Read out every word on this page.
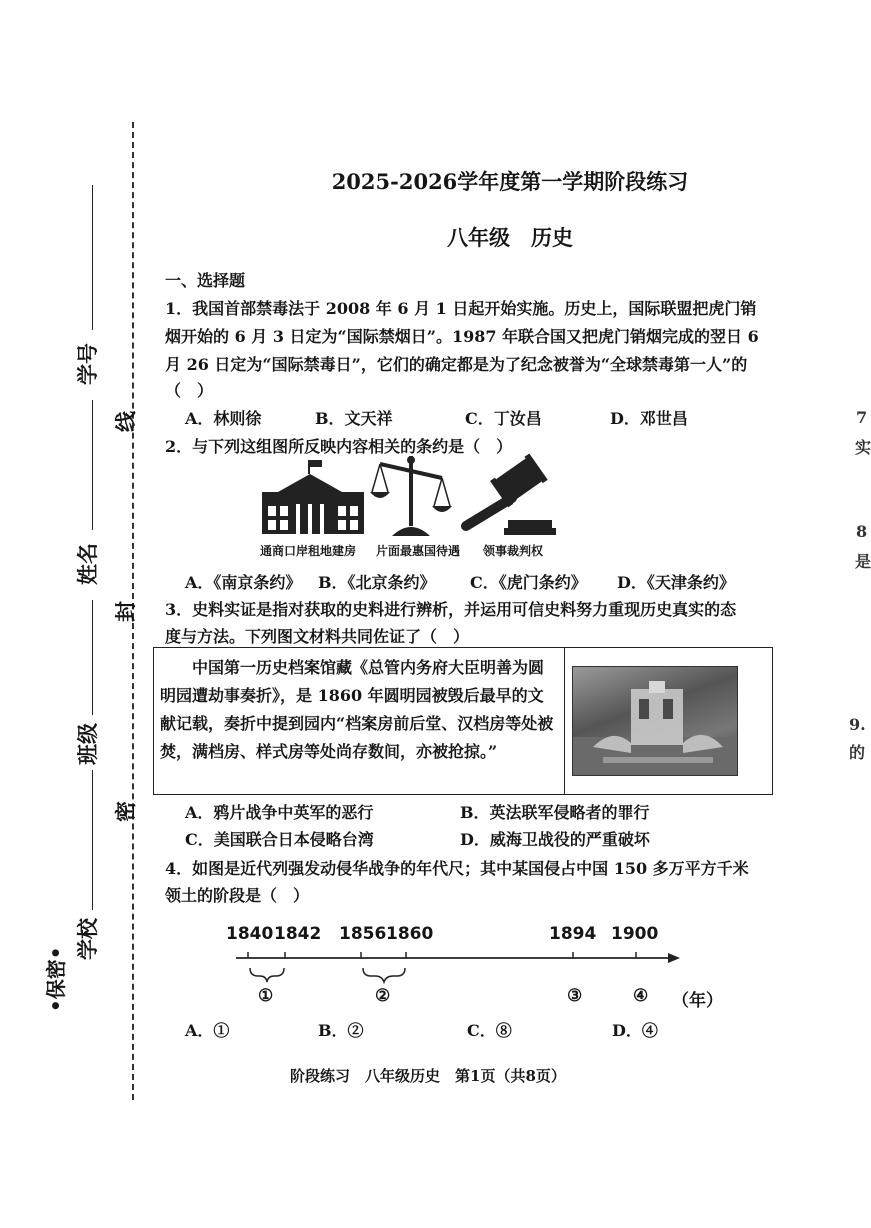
•保密•
学校
班级
姓名
学号
密
封
线
2025-2026学年度第一学期阶段练习
八年级　历史
一、选择题
1．我国首部禁毒法于 2008 年 6 月 1 日起开始实施。历史上，国际联盟把虎门销
烟开始的 6 月 3 日定为“国际禁烟日”。1987 年联合国又把虎门销烟完成的翌日 6
月 26 日定为“国际禁毒日”，它们的确定都是为了纪念被誉为“全球禁毒第一人”的
（　）
A．林则徐	B．文天祥	C．丁汝昌	D．邓世昌
2．与下列这组图所反映内容相关的条约是（　）
通商口岸租地建房 片面最惠国待遇 领事裁判权
A．《南京条约》 B．《北京条约》 C．《虎门条约》 D．《天津条约》
3．史料实证是指对获取的史料进行辨析，并运用可信史料努力重现历史真实的态
度与方法。下列图文材料共同佐证了（　）
中国第一历史档案馆藏《总管内务府大臣明善为圆明园遭劫事奏折》，是 1860 年圆明园被毁后最早的文献记载，奏折中提到园内“档案房前后堂、汉档房等处被焚，满档房、样式房等处尚存数间，亦被抢掠。”
A．鸦片战争中英军的恶行	B．英法联军侵略者的罪行
C．美国联合日本侵略台湾	D．威海卫战役的严重破坏
4．如图是近代列强发动侵华战争的年代尺；其中某国侵占中国 150 多万平方千米
领土的阶段是（　）
1840 1842 1856 1860	1894 1900
①	②	③	④ （年）
A．①	B．②	C．⑧	D．④
阶段练习　八年级历史　第1页（共8页）
7
实
8
是
9.
的
